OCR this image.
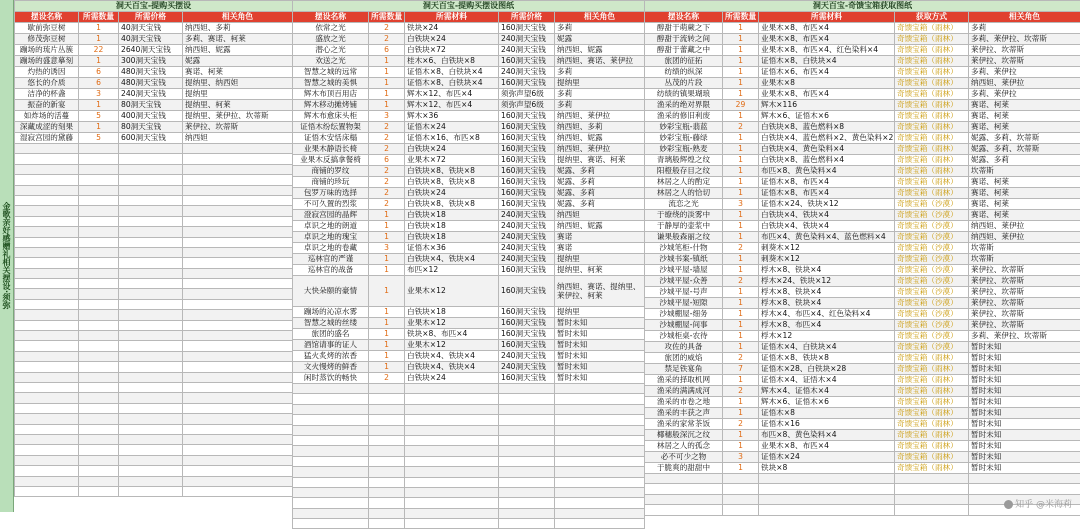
金歌亲好感赠礼相关摆设·须弥
洞天百宝-提购买摆设			
摆设名称	所需数量	所需价格	相关角色
歇前弥豆树	1	40洞天宝钱	纳西妲、多莉
修茂弥豆树	1	40洞天宝钱	多莉、赛诺、柯莱
蹦场的琉片丛簇	22	2640洞天宝钱	纳西妲、妮露
蹦场的盛意摹刻	1	300洞天宝钱	妮露
灼热的诱因	6	480洞天宝钱	赛诺、柯莱
悠长的介质	6	480洞天宝钱	提纳里、纳西妲
洁净的杯盏	3	240洞天宝钱	提纳里
振奋的新宴	1	80洞天宝钱	提纳里、柯莱
如炸场的活蔓	5	400洞天宝钱	提纳里、莱伊拉、坎蒂斯
深藏成涩的刻果	1	80洞天宝钱	莱伊拉、坎蒂斯
湿寂宫园的黛藤	5	600洞天宝钱	纳西妲

洞天百宝-提购买摆设图纸				
摆设名称	所需数量	所需材料	所需价格	相关角色
依常之光	2	铁块×24	160洞天宝钱	多莉
盛放之光	2	白铁块×24	240洞天宝钱	妮露
潜心之光	6	白铁块×72	240洞天宝钱	纳西妲、妮露
欢送之光	1	桂木×6、白铁块×8	160洞天宝钱	纳西妲、赛诺、莱伊拉
智慧之城的远常	1	证悟木×8、白铁块×4	240洞天宝钱	多莉
智慧之城的美惧	1	证悟木×8、白铁块×4	160洞天宝钱	提纳里
辉木布顶百用店	1	辉木×12、布匹×4	须弥声望6级	多莉
辉木移动摊烤铺	1	辉木×12、布匹×4	须弥声望6级	多莉
辉木布愈床头柜	3	辉木×36	160洞天宝钱	纳西妲、莱伊拉
证悟木纷纭置物架	2	证悟木×24	160洞天宝钱	纳西妲、多莉
证悟木安恬床榻	2	证悟木×16、布匹×8	160洞天宝钱	纳西妲、妮露
业果木静语长椅	2	白铁块×24	160洞天宝钱	纳西妲、莱伊拉
业果木反搞拿餐椅	6	业果木×72	160洞天宝钱	提纳里、赛诺、柯莱
商铺的罗纹	2	白铁块×8、铁块×8	160洞天宝钱	妮露、多莉
商铺的珍玩	2	白铁块×8、铁块×8	160洞天宝钱	妮露、多莉
包罗万味的选择	2	白铁块×24	160洞天宝钱	妮露、多莉
不可久置的烈浆	2	白铁块×8、铁块×8	160洞天宝钱	妮露、多莉
澄寂宫园的晶辉	1	白铁块×18	240洞天宝钱	纳西妲
卓识之地的朗道	1	白铁块×18	240洞天宝钱	纳西妲、妮露
卓识之地的瑰宝	1	白铁块×18	240洞天宝钱	赛诺
卓识之地的卷藏	3	证悟木×36	240洞天宝钱	赛诺
巡林官的严谨	1	白铁块×4、铁块×4	240洞天宝钱	提纳里
巡林官的战备	1	布匹×12	160洞天宝钱	提纳里、柯莱
大快朵颐的豪情	1	业果木×12	160洞天宝钱	纳西妲、赛诺、提纳里、莱伊拉、柯莱
蹦场的沁凉水雾	1	白铁块×18	160洞天宝钱	提纳里
智慧之城的丝缕	1	业果木×12	160洞天宝钱	暂时未知
旅团的盛名	1	铁块×8、布匹×4	160洞天宝钱	暂时未知
酒馆请事的证人	1	业果木×12	160洞天宝钱	暂时未知
猛火炙烤的浓香	1	白铁块×4、铁块×4	240洞天宝钱	暂时未知
文火慢烤的鲜香	1	白铁块×4、铁块×4	240洞天宝钱	暂时未知
闲时蒸饮的畅快	2	白铁块×24	160洞天宝钱	暂时未知

洞天百宝-奇馈宝箱获取图纸				
摆设名称	所需数量	所需材料	获取方式	相关角色
醇甜于萌蕨之下	1	业果木×8、布匹×4	奇馈宝箱（雨林）	多莉
醇甜于流转之间	1	业果木×8、布匹×4	奇馈宝箱（雨林）	多莉、莱伊拉、坎蒂斯
醇甜于蕾藏之中	1	业果木×8、布匹×4、红色染料×4	奇馈宝箱（雨林）	莱伊拉、坎蒂斯
旅团的征拓	1	证悟木×8、白铁块×4	奇馈宝箱（雨林）	莱伊拉、坎蒂斯
纺绩的纵深	1	证悟木×6、布匹×4	奇馈宝箱（雨林）	多莉、莱伊拉
丛茂的片段	1	业果木×8	奇馈宝箱（雨林）	纳西妲、莱伊拉
纺绩的镇果瑚琅	1	业果木×8、布匹×4	奇馈宝箱（雨林）	多莉、莱伊拉
渔采的绝对界限	29	辉木×116	奇馈宝箱（雨林）	赛诺、柯莱
渔采的修旧利废	1	辉木×6、证悟木×6	奇馈宝箱（雨林）	赛诺、柯莱
妙彩宝瓶-翡蓝	2	白铁块×8、蓝色燃料×8	奇馈宝箱（雨林）	赛诺、柯莱
妙彩宝瓶-藤绿	1	白铁块×4、蓝色燃料×2、黄色染料×2	奇馈宝箱（雨林）	妮露、多莉、坎蒂斯
妙彩宝瓶-熟麦	1	白铁块×4、黄色染料×4	奇馈宝箱（雨林）	妮露、多莉、坎蒂斯
青璃般辉煌之纹	1	白铁块×8、蓝色燃料×4	奇馈宝箱（雨林）	妮露、多莉
阳橙般存目之纹	1	布匹×8、黄色染料×4	奇馈宝箱（雨林）	坎蒂斯
林居之人的酌定	1	证悟木×8、布匹×4	奇馈宝箱（雨林）	赛诺、柯莱
林居之人的恰切	1	证悟木×8、布匹×4	奇馈宝箱（雨林）	赛诺、柯莱
流恋之光	3	证悟木×24、铁块×12	奇馈宝箱（沙漠）	赛诺、柯莱
于缭绕的淡雾中	1	白铁块×4、铁块×4	奇馈宝箱（沙漠）	赛诺、柯莱
于静厚的壶浆中	1	白铁块×4、铁块×4	奇馈宝箱（沙漠）	纳西妲、莱伊拉
谦果般森丽之纹	1	布匹×4、黄色染料×4、蓝色燃料×4	奇馈宝箱（沙漠）	纳西妲、莱伊拉
沙城笔柜-什物	2	刺葵木×12	奇馈宝箱（沙漠）	坎蒂斯
沙城书案-镇纸	1	刺葵木×12	奇馈宝箱（沙漠）	坎蒂斯
沙城平屋-墙屋	1	桴木×8、铁块×4	奇馈宝箱（沙漠）	莱伊拉、坎蒂斯
沙城平屋-众善	2	桴木×24、铁块×12	奇馈宝箱（沙漠）	莱伊拉、坎蒂斯
沙城平屋-号声	1	桴木×8、铁块×4	奇馈宝箱（沙漠）	莱伊拉、坎蒂斯
沙城平屋-短隙	1	桴木×8、铁块×4	奇馈宝箱（沙漠）	莱伊拉、坎蒂斯
沙城棚屋-细务	1	桴木×4、布匹×4、红色染料×4	奇馈宝箱（沙漠）	莱伊拉、坎蒂斯
沙城棚屋-间事	1	桴木×8、布匹×4	奇馈宝箱（沙漠）	莱伊拉、坎蒂斯
沙城柜桌-农待	1	桴木×12	奇馈宝箱（沙漠）	多莉、莱伊拉、坎蒂斯
攻佐的具备	1	证悟木×4、白铁块×4	奇馈宝箱（沙漠）	暂时未知
旅团的威焰	2	证悟木×8、铁块×8	奇馈宝箱（雨林）	暂时未知
禁足铁宴角	7	证悟木×28、白铁块×28	奇馈宝箱（雨林）	暂时未知
渔采的择取机网	1	证悟木×4、证悟木×4	奇馈宝箱（雨林）	暂时未知
渔采的满满成河	2	辉木×4、证悟木×4	奇馈宝箱（雨林）	暂时未知
渔采的市卷之地	1	辉木×6、证悟木×6	奇馈宝箱（雨林）	暂时未知
渔采的丰获之声	1	证悟木×8	奇馈宝箱（雨林）	暂时未知
渔采的家常茶饭	2	证悟木×16	奇馈宝箱（雨林）	暂时未知
椰穗般深沉之纹	1	布匹×8、黄色染料×4	奇馈宝箱（雨林）	暂时未知
林居之人的孤念	1	业果木×8、布匹×4	奇馈宝箱（雨林）	暂时未知
必不可少之物	3	证悟木×24	奇馈宝箱（雨林）	暂时未知
于脆爽的甜甜中	1	铁块×8	奇馈宝箱（雨林）	暂时未知

知乎 @米海莉
